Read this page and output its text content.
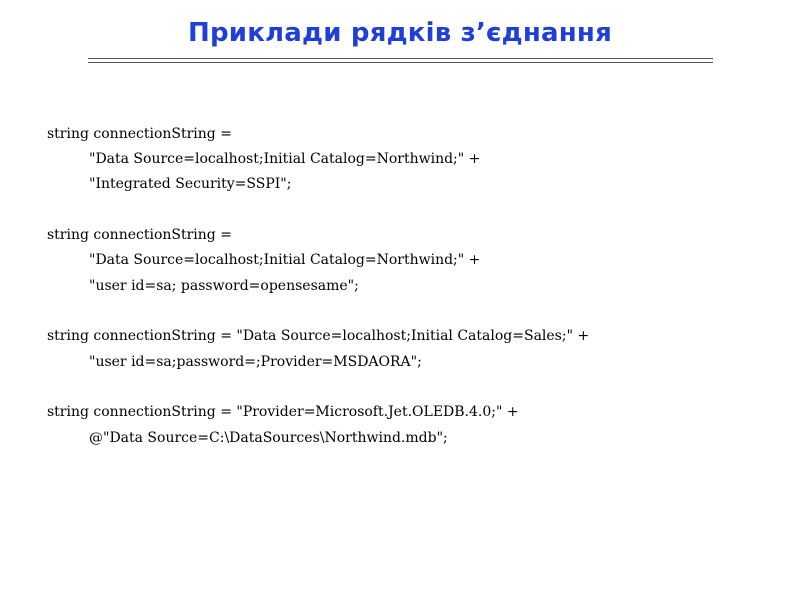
Приклади рядків з’єднання
string connectionString =
"Data Source=localhost;Initial Catalog=Northwind;" +
"Integrated Security=SSPI";
string connectionString =
"Data Source=localhost;Initial Catalog=Northwind;" +
"user id=sa; password=opensesame";
string connectionString = "Data Source=localhost;Initial Catalog=Sales;" +
"user id=sa;password=;Provider=MSDAORA";
string connectionString = "Provider=Microsoft.Jet.OLEDB.4.0;" +
@"Data Source=C:\DataSources\Northwind.mdb";
